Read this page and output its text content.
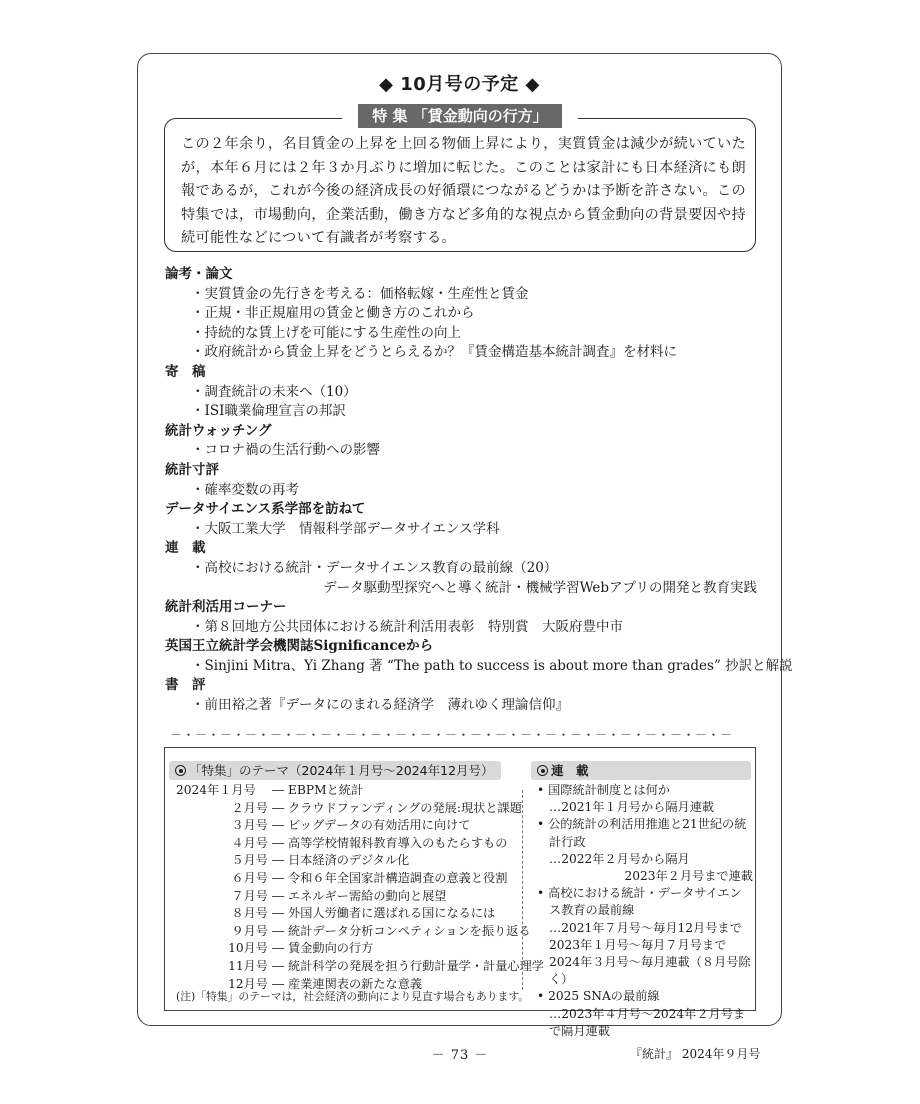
◆ 10月号の予定 ◆
特 集 「賃金動向の行方」

この２年余り，名目賃金の上昇を上回る物価上昇により，実質賃金は減少が続いていたが，本年６月には２年３か月ぶりに増加に転じた。このことは家計にも日本経済にも朗報であるが，これが今後の経済成長の好循環につながるどうかは予断を許さない。この特集では，市場動向，企業活動，働き方など多角的な視点から賃金動向の背景要因や持続可能性などについて有識者が考察する。

論考・論文
・実質賃金の先行きを考える：価格転嫁・生産性と賃金
・正規・非正規雇用の賃金と働き方のこれから
・持続的な賃上げを可能にする生産性の向上
・政府統計から賃金上昇をどうとらえるか？『賃金構造基本統計調査』を材料に
寄　稿
・調査統計の未来へ（10）
・ISI職業倫理宣言の邦訳
統計ウォッチング
・コロナ禍の生活行動への影響
統計寸評
・確率変数の再考
データサイエンス系学部を訪ねて
・大阪工業大学　情報科学部データサイエンス学科
連　載
・高校における統計・データサイエンス教育の最前線（20）
データ駆動型探究へと導く統計・機械学習Webアプリの開発と教育実践
統計利活用コーナー
・第８回地方公共団体における統計利活用表彰　特別賞　大阪府豊中市
英国王立統計学会機関誌Significanceから
・Sinjini Mitra、Yi Zhang 著 “The path to success is about more than grades” 抄訳と解説
書　評
・前田裕之著『データにのまれる経済学　薄れゆく理論信仰』
－・－・－・－・－・－・－・－・－・－・－・－・－・－・－・－・－・－・－・－・－・－・－
「特集」のテーマ（2024年１月号～2024年12月号）	連　載
2024年１月号 ― EBPMと統計
２月号 ― クラウドファンディングの発展:現状と課題
３月号 ― ビッグデータの有効活用に向けて
４月号 ― 高等学校情報科教育導入のもたらすもの
５月号 ― 日本経済のデジタル化
６月号 ― 令和６年全国家計構造調査の意義と役割
７月号 ― エネルギー需給の動向と展望
８月号 ― 外国人労働者に選ばれる国になるには
９月号 ― 統計データ分析コンペティションを振り返る
10月号 ― 賃金動向の行方
11月号 ― 統計科学の発展を担う行動計量学・計量心理学
12月号 ― 産業連関表の新たな意義
(注)「特集」のテーマは，社会経済の動向により見直す場合もあります。
• 国際統計制度とは何か
…2021年１月号から隔月連載
• 公的統計の利活用推進と21世紀の統計行政
…2022年２月号から隔月
2023年２月号まで連載
• 高校における統計・データサイエンス教育の最前線
…2021年７月号～毎月12月号まで
2023年１月号～毎月７月号まで
2024年３月号～毎月連載（８月号除く）
• 2025 SNAの最前線
…2023年４月号～2024年２月号まで隔月連載
－ 73 －	『統計』 2024年９月号
